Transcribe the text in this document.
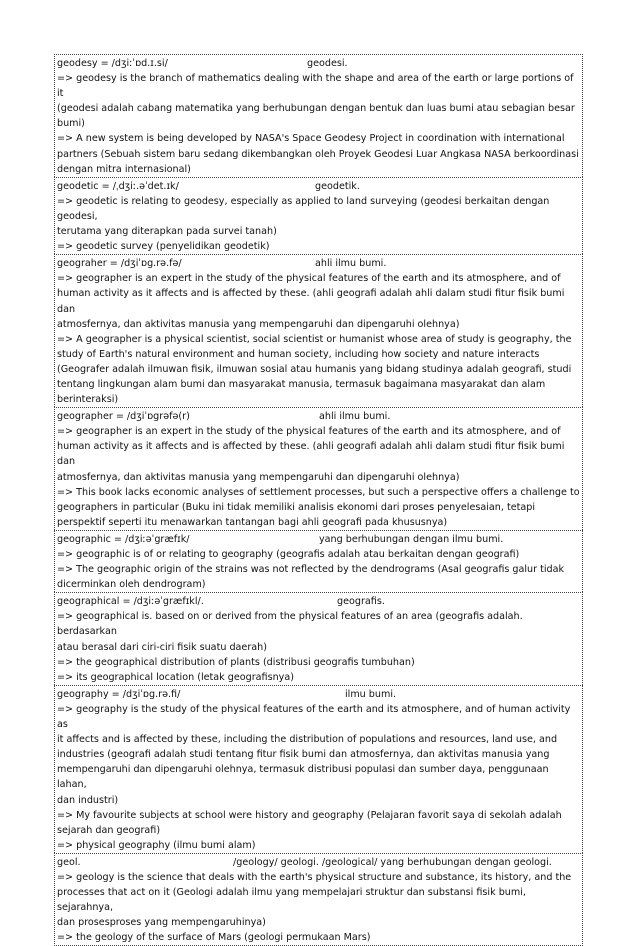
geodesy = /dʒiːˈɒd.ɪ.si/	geodesi.
=> geodesy is the branch of mathematics dealing with the shape and area of the earth or large portions of it
(geodesi adalah cabang matematika yang berhubungan dengan bentuk dan luas bumi atau sebagian besar
bumi)
=> A new system is being developed by NASA's Space Geodesy Project in coordination with international
partners (Sebuah sistem baru sedang dikembangkan oleh Proyek Geodesi Luar Angkasa NASA berkoordinasi
dengan mitra internasional)
geodetic = /ˌdʒiː.əˈdet.ɪk/	geodetik.
=> geodetic is relating to geodesy, especially as applied to land surveying (geodesi berkaitan dengan geodesi,
terutama yang diterapkan pada survei tanah)
=> geodetic survey (penyelidikan geodetik)
geograher = /dʒiˈɒg.rə.fə/	ahli ilmu bumi.
=> geographer is an expert in the study of the physical features of the earth and its atmosphere, and of
human activity as it affects and is affected by these. (ahli geografi adalah ahli dalam studi fitur fisik bumi dan
atmosfernya, dan aktivitas manusia yang mempengaruhi dan dipengaruhi olehnya)
=> A geographer is a physical scientist, social scientist or humanist whose area of study is geography, the
study of Earth's natural environment and human society, including how society and nature interacts
(Geografer adalah ilmuwan fisik, ilmuwan sosial atau humanis yang bidang studinya adalah geografi, studi
tentang lingkungan alam bumi dan masyarakat manusia, termasuk bagaimana masyarakat dan alam
berinteraksi)
geographer = /dʒiˈɒgrəfə(r)	ahli ilmu bumi.
=> geographer is an expert in the study of the physical features of the earth and its atmosphere, and of
human activity as it affects and is affected by these. (ahli geografi adalah ahli dalam studi fitur fisik bumi dan
atmosfernya, dan aktivitas manusia yang mempengaruhi dan dipengaruhi olehnya)
=> This book lacks economic analyses of settlement processes, but such a perspective offers a challenge to
geographers in particular (Buku ini tidak memiliki analisis ekonomi dari proses penyelesaian, tetapi
perspektif seperti itu menawarkan tantangan bagi ahli geografi pada khususnya)
geographic = /dʒiːəˈgræfɪk/	yang berhubungan dengan ilmu bumi.
=> geographic is of or relating to geography (geografis adalah atau berkaitan dengan geografi)
=> The geographic origin of the strains was not reflected by the dendrograms (Asal geografis galur tidak
dicerminkan oleh dendrogram)
geographical = /dʒiːəˈgræfɪkl/.	geografis.
=> geographical is. based on or derived from the physical features of an area (geografis adalah. berdasarkan
atau berasal dari ciri-ciri fisik suatu daerah)
=> the geographical distribution of plants (distribusi geografis tumbuhan)
=> its geographical location (letak geografisnya)
geography = /dʒiˈɒg.rə.fi/	ilmu bumi.
=> geography is the study of the physical features of the earth and its atmosphere, and of human activity as
it affects and is affected by these, including the distribution of populations and resources, land use, and
industries (geografi adalah studi tentang fitur fisik bumi dan atmosfernya, dan aktivitas manusia yang
mempengaruhi dan dipengaruhi olehnya, termasuk distribusi populasi dan sumber daya, penggunaan lahan,
dan industri)
=> My favourite subjects at school were history and geography (Pelajaran favorit saya di sekolah adalah
sejarah dan geografi)
=> physical geography (ilmu bumi alam)
geol.	/geology/ geologi. /geological/ yang berhubungan dengan geologi.
=> geology is the science that deals with the earth's physical structure and substance, its history, and the
processes that act on it (Geologi adalah ilmu yang mempelajari struktur dan substansi fisik bumi, sejarahnya,
dan prosesproses yang mempengaruhinya)
=> the geology of the surface of Mars (geologi permukaan Mars)
